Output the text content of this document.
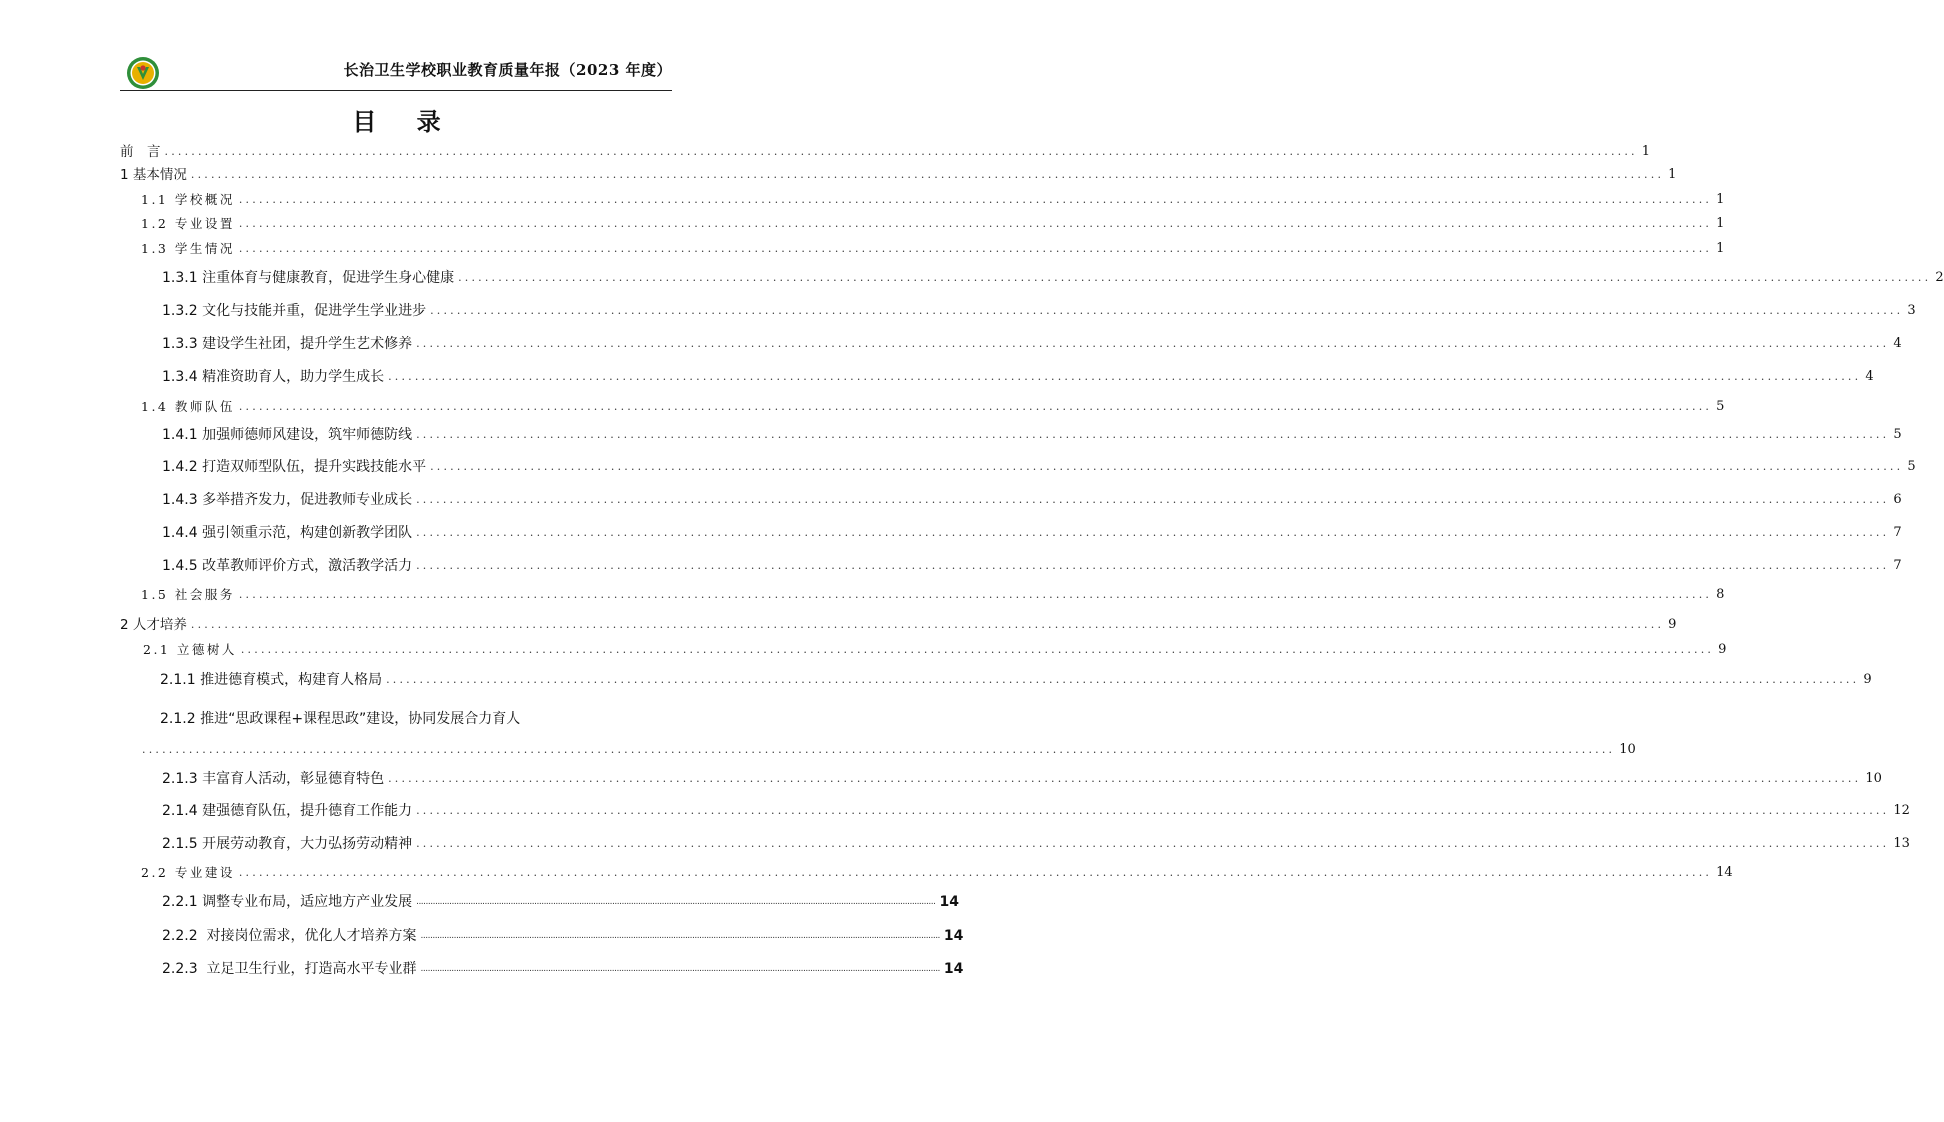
长治卫生学校职业教育质量年报（2023 年度）
目 录
前　言 ............................................................................................................................................................................................................................ 1
1 基本情况 ............................................................................................................................................................................................................................ 1
1.1 学校概况 ............................................................................................................................................................................................................................ 1
1.2 专业设置 ............................................................................................................................................................................................................................ 1
1.3 学生情况 ............................................................................................................................................................................................................................ 1
1.3.1 注重体育与健康教育，促进学生身心健康 ............................................................................................................................................................................................................................ 2
1.3.2 文化与技能并重，促进学生学业进步 ............................................................................................................................................................................................................................ 3
1.3.3 建设学生社团，提升学生艺术修养 ............................................................................................................................................................................................................................ 4
1.3.4 精准资助育人，助力学生成长 ............................................................................................................................................................................................................................ 4
1.4 教师队伍 ............................................................................................................................................................................................................................ 5
1.4.1 加强师德师风建设，筑牢师德防线 ............................................................................................................................................................................................................................ 5
1.4.2 打造双师型队伍，提升实践技能水平 ............................................................................................................................................................................................................................ 5
1.4.3 多举措齐发力，促进教师专业成长 ............................................................................................................................................................................................................................ 6
1.4.4 强引领重示范，构建创新教学团队 ............................................................................................................................................................................................................................ 7
1.4.5 改革教师评价方式，激活教学活力 ............................................................................................................................................................................................................................ 7
1.5 社会服务 ............................................................................................................................................................................................................................ 8
2 人才培养 ............................................................................................................................................................................................................................ 9
2.1 立德树人 ............................................................................................................................................................................................................................ 9
2.1.1 推进德育模式，构建育人格局 ............................................................................................................................................................................................................................ 9
2.1.2 推进“思政课程+课程思政”建设，协同发展合力育人
............................................................................................................................................................................................................................ 10
2.1.3 丰富育人活动，彰显德育特色 ............................................................................................................................................................................................................................ 10
2.1.4 建强德育队伍，提升德育工作能力 ............................................................................................................................................................................................................................ 12
2.1.5 开展劳动教育，大力弘扬劳动精神 ............................................................................................................................................................................................................................ 13
2.2 专业建设 ............................................................................................................................................................................................................................ 14
2.2.1 调整专业布局，适应地方产业发展 ............................................................................................................................................................................................................................ 14
2.2.2  对接岗位需求，优化人才培养方案 ............................................................................................................................................................................................................................ 14
2.2.3  立足卫生行业，打造高水平专业群 ............................................................................................................................................................................................................................ 14
